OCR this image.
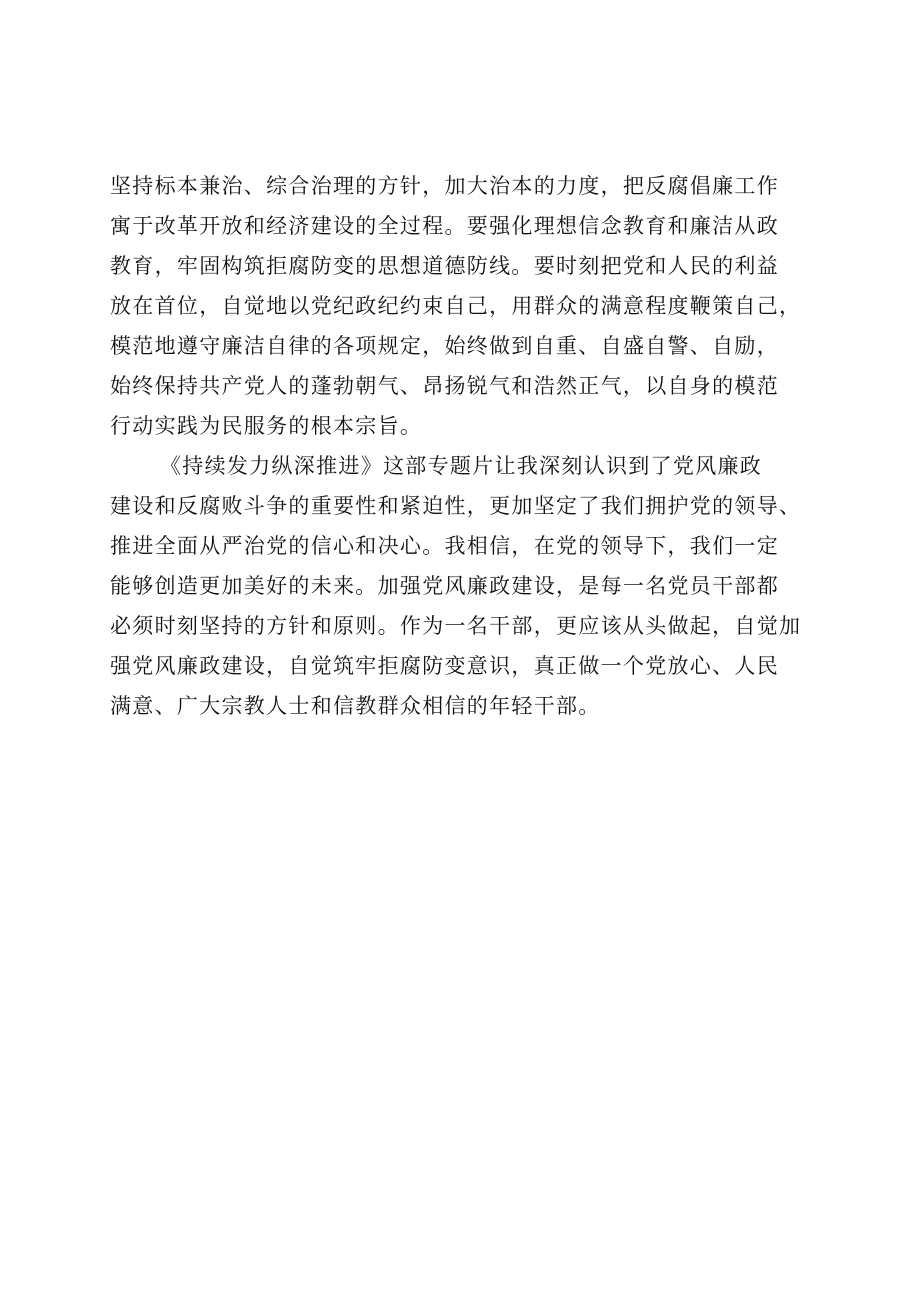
坚持标本兼治、综合治理的方针，加大治本的力度，把反腐倡廉工作
寓于改革开放和经济建设的全过程。要强化理想信念教育和廉洁从政
教育，牢固构筑拒腐防变的思想道德防线。要时刻把党和人民的利益
放在首位，自觉地以党纪政纪约束自己，用群众的满意程度鞭策自己，
模范地遵守廉洁自律的各项规定，始终做到自重、自盛自警、自励，
始终保持共产党人的蓬勃朝气、昂扬锐气和浩然正气，以自身的模范
行动实践为民服务的根本宗旨。
《持续发力纵深推进》这部专题片让我深刻认识到了党风廉政
建设和反腐败斗争的重要性和紧迫性，更加坚定了我们拥护党的领导、
推进全面从严治党的信心和决心。我相信，在党的领导下，我们一定
能够创造更加美好的未来。加强党风廉政建设，是每一名党员干部都
必须时刻坚持的方针和原则。作为一名干部，更应该从头做起，自觉加
强党风廉政建设，自觉筑牢拒腐防变意识，真正做一个党放心、人民
满意、广大宗教人士和信教群众相信的年轻干部。
